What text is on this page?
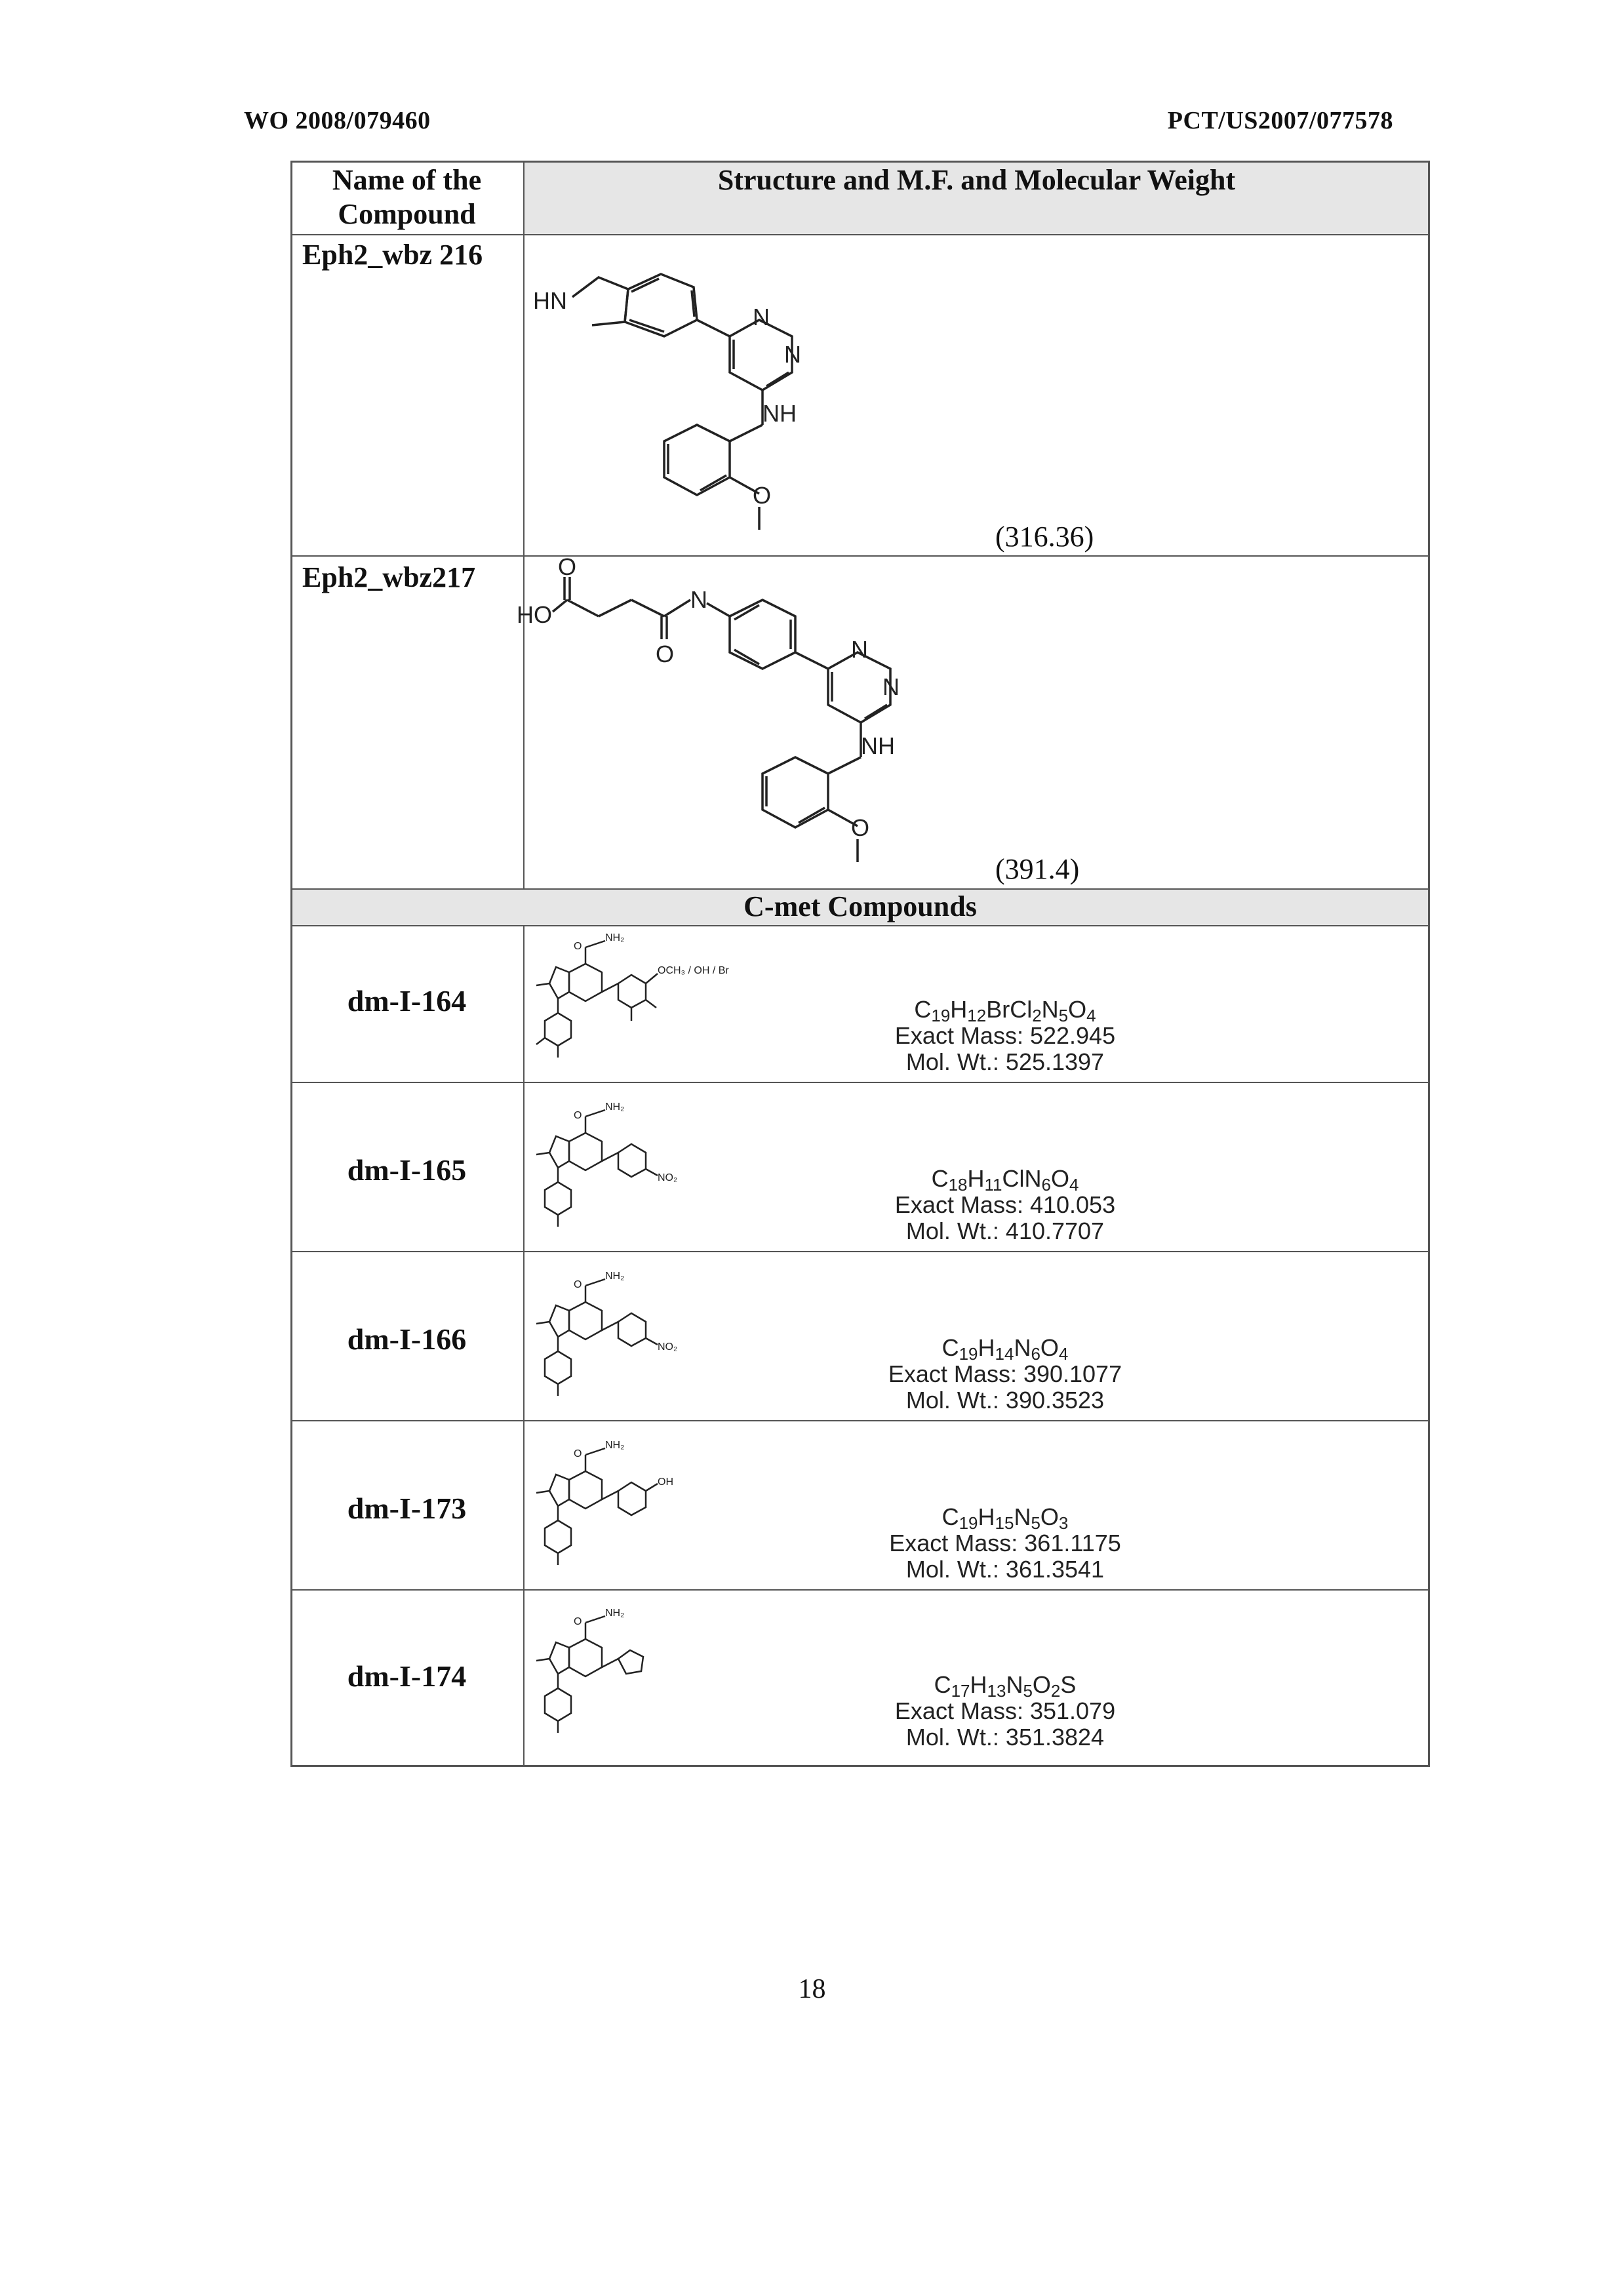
WO 2008/079460	PCT/US2007/077578
Name of the Compound
Structure and M.F. and Molecular Weight
C-met Compounds
Eph2_wbz 216
HN
N
N
NH
O
(316.36)
Eph2_wbz217	O
HO
O
N
N
N
NH
O
(391.4)
dm-I-164
dm-I-165
dm-I-166
dm-I-173
dm-I-174
NH₂
O
OCH₃ / OH / Br
NH₂
O
NO₂
NH₂
O
NO₂
NH₂
O
OH
NH₂
O
$C_{19}H_{12}BrCl_2N_5O_4$
Exact Mass: 522.945
Mol. Wt.: 525.1397
$C_{18}H_{11}ClN_6O_4$
Exact Mass: 410.053
Mol. Wt.: 410.7707
$C_{19}H_{14}N_6O_4$
Exact Mass: 390.1077
Mol. Wt.: 390.3523
$C_{19}H_{15}N_5O_3$
Exact Mass: 361.1175
Mol. Wt.: 361.3541
$C_{17}H_{13}N_5O_2S$
Exact Mass: 351.079
Mol. Wt.: 351.3824
18
